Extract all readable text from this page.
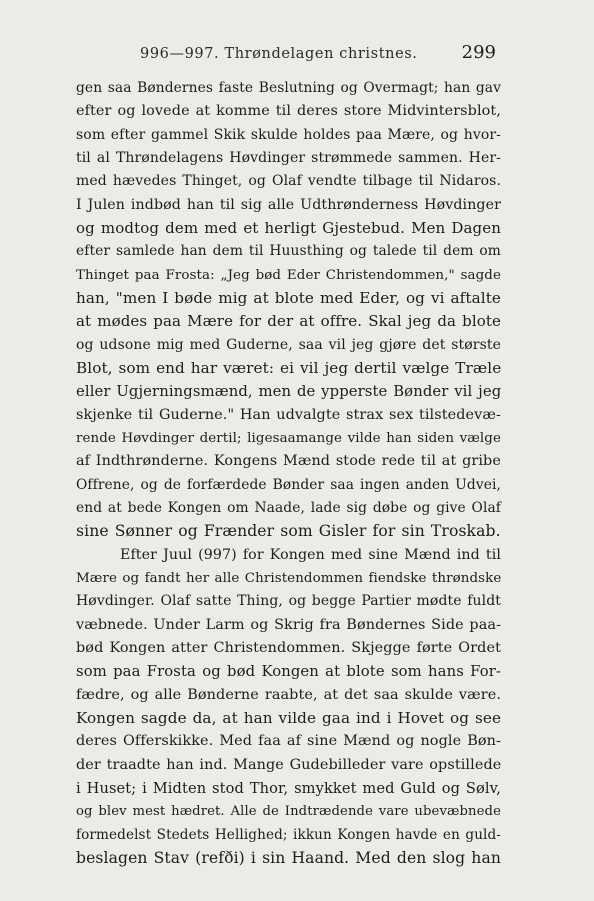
996—997. Thrøndelagen christnes. 299
gen saa Bøndernes faste Beslutning og Overmagt; han gav
efter og lovede at komme til deres store Midvintersblot,
som efter gammel Skik skulde holdes paa Mære, og hvor-
til al Thrøndelagens Høvdinger strømmede sammen. Her-
med hævedes Thinget, og Olaf vendte tilbage til Nidaros.
I Julen indbød han til sig alle Udthrønderness Høvdinger
og modtog dem med et herligt Gjestebud. Men Dagen
efter samlede han dem til Huusthing og talede til dem om
Thinget paa Frosta: „Jeg bød Eder Christendommen," sagde
han, "men I bøde mig at blote med Eder, og vi aftalte
at mødes paa Mære for der at offre. Skal jeg da blote
og udsone mig med Guderne, saa vil jeg gjøre det største
Blot, som end har været: ei vil jeg dertil vælge Træle
eller Ugjerningsmænd, men de ypperste Bønder vil jeg
skjenke til Guderne." Han udvalgte strax sex tilstedevæ-
rende Høvdinger dertil; ligesaamange vilde han siden vælge
af Indthrønderne. Kongens Mænd stode rede til at gribe
Offrene, og de forfærdede Bønder saa ingen anden Udvei,
end at bede Kongen om Naade, lade sig døbe og give Olaf
sine Sønner og Frænder som Gisler for sin Troskab.
Efter Juul (997) for Kongen med sine Mænd ind til
Mære og fandt her alle Christendommen fiendske thrøndske
Høvdinger. Olaf satte Thing, og begge Partier mødte fuldt
væbnede. Under Larm og Skrig fra Bøndernes Side paa-
bød Kongen atter Christendommen. Skjegge førte Ordet
som paa Frosta og bød Kongen at blote som hans For-
fædre, og alle Bønderne raabte, at det saa skulde være.
Kongen sagde da, at han vilde gaa ind i Hovet og see
deres Offerskikke. Med faa af sine Mænd og nogle Bøn-
der traadte han ind. Mange Gudebilleder vare opstillede
i Huset; i Midten stod Thor, smykket med Guld og Sølv,
og blev mest hædret. Alle de Indtrædende vare ubevæbnede
formedelst Stedets Hellighed; ikkun Kongen havde en guld-
beslagen Stav (refði) i sin Haand. Med den slog han
